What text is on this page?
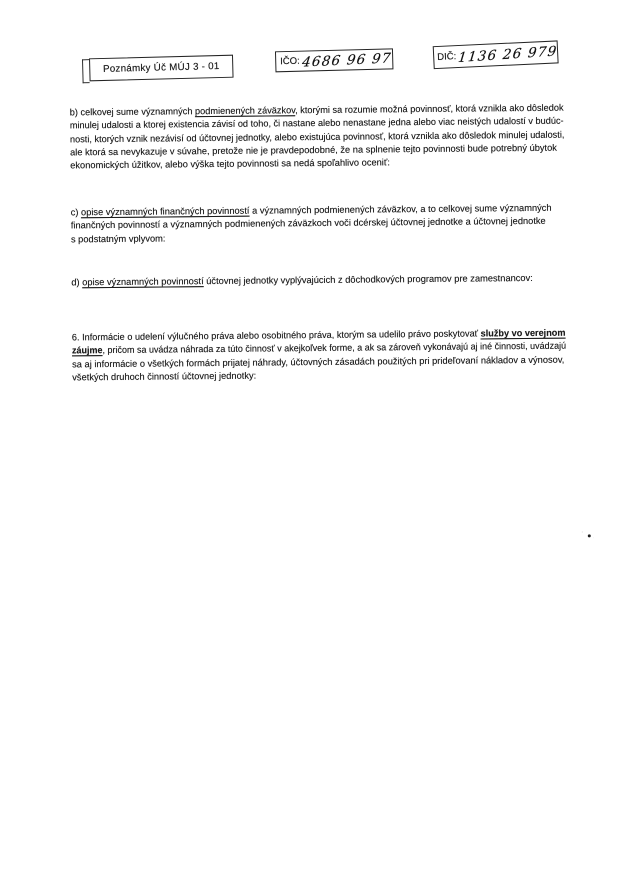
Poznámky Úč MÚJ 3 - 01	IČO: 4686 96 97	DIČ: 1136 26 979
b) celkovej sume významných podmienených záväzkov, ktorými sa rozumie možná povinnosť, ktorá vznikla ako dôsledok
minulej udalosti a ktorej existencia závisí od toho, či nastane alebo nenastane jedna alebo viac neistých udalostí v budúc-
nosti, ktorých vznik nezávisí od účtovnej jednotky, alebo existujúca povinnosť, ktorá vznikla ako dôsledok minulej udalosti,
ale ktorá sa nevykazuje v súvahe, pretože nie je pravdepodobné, že na splnenie tejto povinnosti bude potrebný úbytok
ekonomických úžitkov, alebo výška tejto povinnosti sa nedá spoľahlivo oceniť:
c) opise významných finančných povinností a významných podmienených záväzkov, a to celkovej sume významných
finančných povinností a významných podmienených záväzkoch voči dcérskej účtovnej jednotke a účtovnej jednotke
s podstatným vplyvom:
d) opise významných povinností účtovnej jednotky vyplývajúcich z dôchodkových programov pre zamestnancov:
6. Informácie o udelení výlučného práva alebo osobitného práva, ktorým sa udelilo právo poskytovať služby vo verejnom
záujme, pričom sa uvádza náhrada za túto činnosť v akejkoľvek forme, a ak sa zároveň vykonávajú aj iné činnosti, uvádzajú
sa aj informácie o všetkých formách prijatej náhrady, účtovných zásadách použitých pri prideľovaní nákladov a výnosov,
všetkých druhoch činností účtovnej jednotky:
